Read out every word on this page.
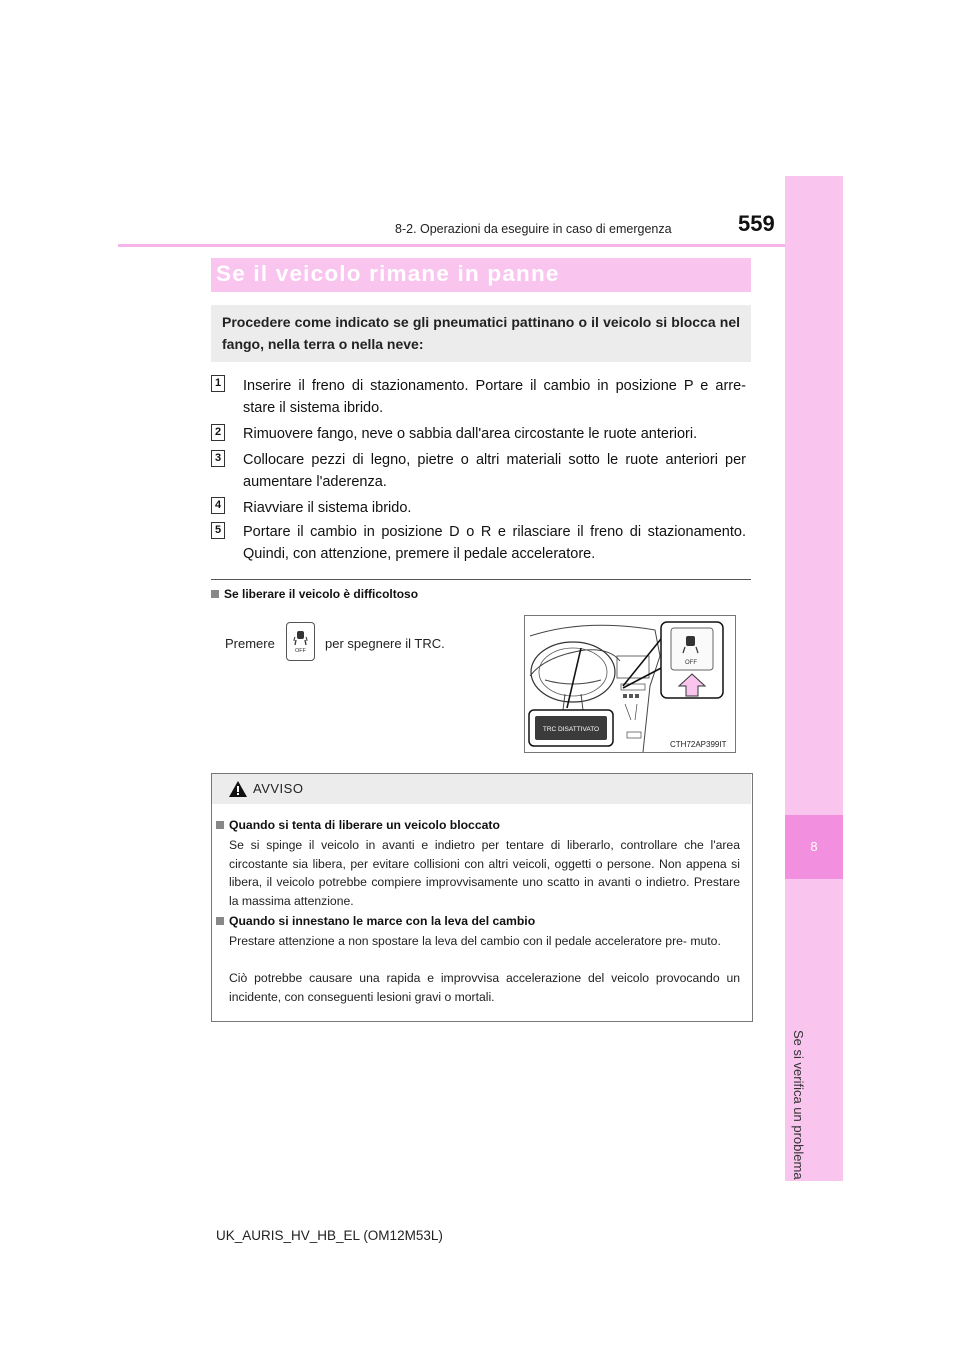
8
Se si verifica un problema
8-2. Operazioni da eseguire in caso di emergenza	559
Se il veicolo rimane in panne
Procedere come indicato se gli pneumatici pattinano o il veicolo si blocca nel fango, nella terra o nella neve:
1 Inserire il freno di stazionamento. Portare il cambio in posizione P e arre- stare il sistema ibrido.
2 Rimuovere fango, neve o sabbia dall'area circostante le ruote anteriori.
3 Collocare pezzi di legno, pietre o altri materiali sotto le ruote anteriori per aumentare l'aderenza.
4 Riavviare il sistema ibrido.
5 Portare il cambio in posizione D o R e rilasciare il freno di stazionamento. Quindi, con attenzione, premere il pedale acceleratore.
Se liberare il veicolo è difficoltoso
Premere	OFF per spegnere il TRC.
OFF
TRC DISATTIVATO
CTH72AP399IT
AVVISO
Quando si tenta di liberare un veicolo bloccato
Se si spinge il veicolo in avanti e indietro per tentare di liberarlo, controllare che l'area circostante sia libera, per evitare collisioni con altri veicoli, oggetti o persone. Non appena si libera, il veicolo potrebbe compiere improvvisamente uno scatto in avanti o indietro. Prestare la massima attenzione.
Quando si innestano le marce con la leva del cambio
Prestare attenzione a non spostare la leva del cambio con il pedale acceleratore pre- muto.
Ciò potrebbe causare una rapida e improvvisa accelerazione del veicolo provocando un incidente, con conseguenti lesioni gravi o mortali.
UK_AURIS_HV_HB_EL (OM12M53L)
